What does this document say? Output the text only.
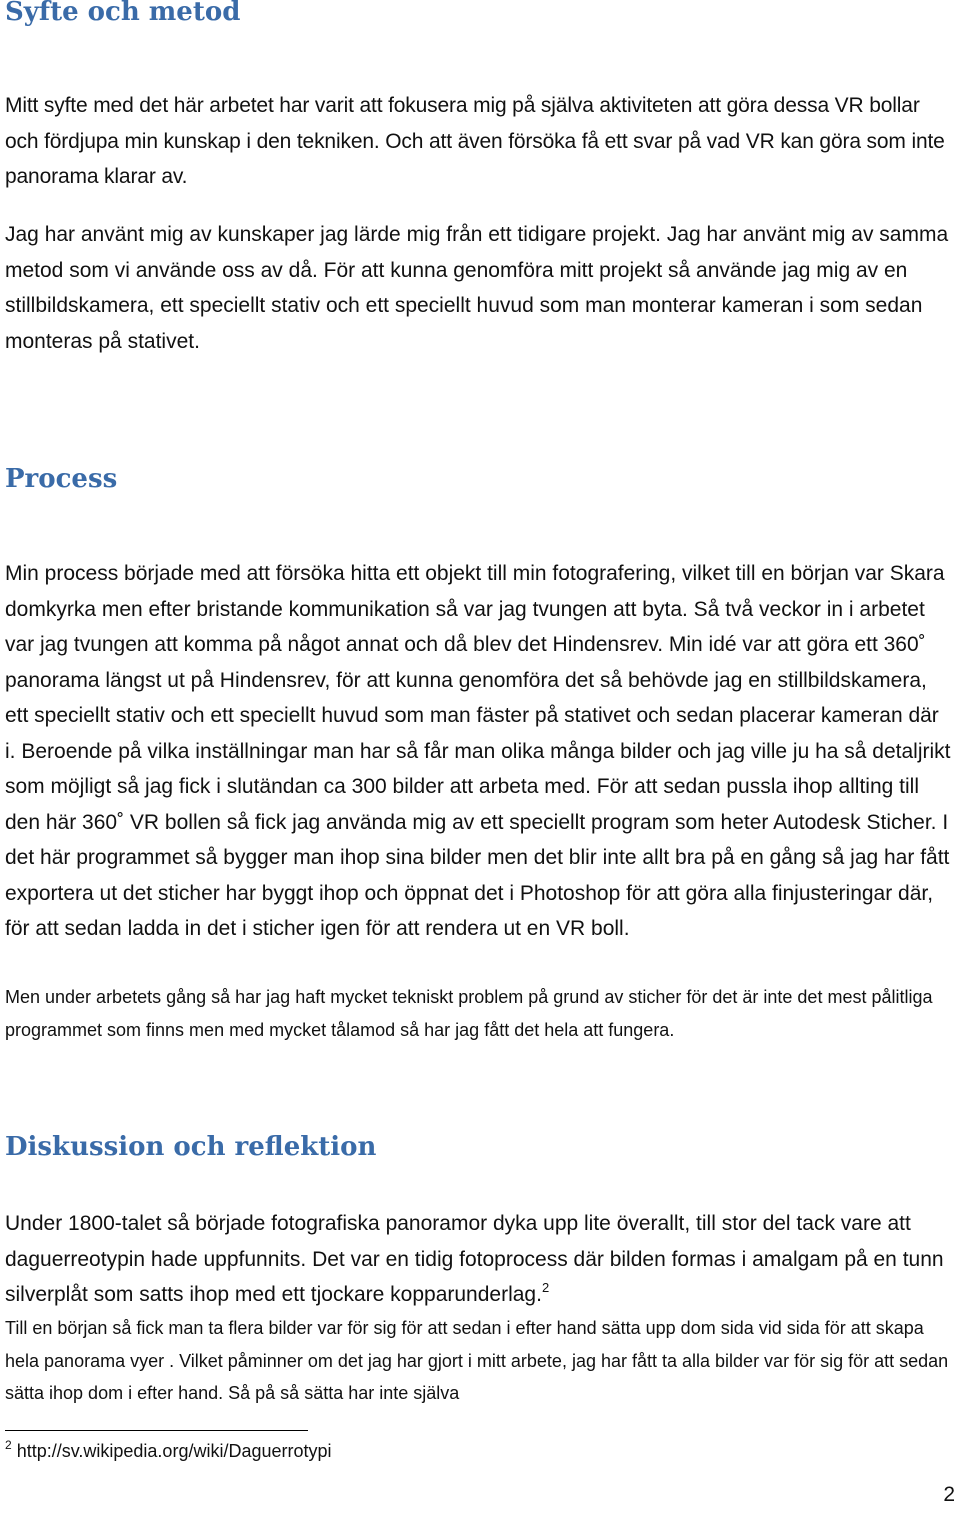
Syfte och metod

Mitt syfte med det här arbetet har varit att fokusera mig på själva aktiviteten att göra dessa VR bollar och fördjupa min kunskap i den tekniken. Och att även försöka få ett svar på vad VR kan göra som inte panorama klarar av.

Jag har använt mig av kunskaper jag lärde mig från ett tidigare projekt. Jag har använt mig av samma metod som vi använde oss av då. För att kunna genomföra mitt projekt så använde jag mig av en stillbildskamera, ett speciellt stativ och ett speciellt huvud som man monterar kameran i som sedan monteras på stativet.

Process

Min process började med att försöka hitta ett objekt till min fotografering, vilket till en början var Skara domkyrka men efter bristande kommunikation så var jag tvungen att byta. Så två veckor in i arbetet var jag tvungen att komma på något annat och då blev det Hindensrev. Min idé var att göra ett 360˚ panorama längst ut på Hindensrev, för att kunna genomföra det så behövde jag en stillbildskamera, ett speciellt stativ och ett speciellt huvud som man fäster på stativet och sedan placerar kameran där i. Beroende på vilka inställningar man har så får man olika många bilder och jag ville ju ha så detaljrikt som möjligt så jag fick i slutändan ca 300 bilder att arbeta med. För att sedan pussla ihop allting till den här 360˚ VR bollen så fick jag använda mig av ett speciellt program som heter Autodesk Sticher. I det här programmet så bygger man ihop sina bilder men det blir inte allt bra på en gång så jag har fått exportera ut det sticher har byggt ihop och öppnat det i Photoshop för att göra alla finjusteringar där, för att sedan ladda in det i sticher igen för att rendera ut en VR boll.

Men under arbetets gång så har jag haft mycket tekniskt problem på grund av sticher för det är inte det mest pålitliga programmet som finns men med mycket tålamod så har jag fått det hela att fungera.

Diskussion och reflektion

Under 1800-talet så började fotografiska panoramor dyka upp lite överallt, till stor del tack vare att daguerreotypin hade uppfunnits. Det var en tidig fotoprocess där bilden formas i amalgam på en tunn silverplåt som satts ihop med ett tjockare kopparunderlag.$^2$

Till en början så fick man ta flera bilder var för sig för att sedan i efter hand sätta upp dom sida vid sida för att skapa hela panorama vyer . Vilket påminner om det jag har gjort i mitt arbete, jag har fått ta alla bilder var för sig för att sedan sätta ihop dom i efter hand. Så på så sätta har inte själva

$^2$ http://sv.wikipedia.org/wiki/Daguerrotypi
2
